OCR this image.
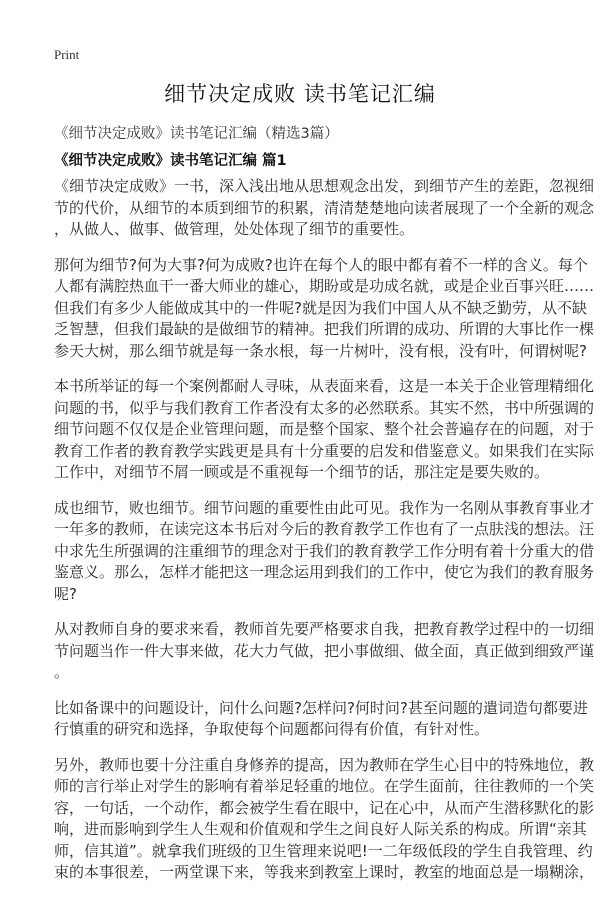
Print
细节决定成败 读书笔记汇编
《细节决定成败》读书笔记汇编（精选3篇）
《细节决定成败》读书笔记汇编 篇1
《细节决定成败》一书，深入浅出地从思想观念出发，到细节产生的差距，忽视细
节的代价，从细节的本质到细节的积累，清清楚楚地向读者展现了一个全新的观念
，从做人、做事、做管理，处处体现了细节的重要性。
那何为细节?何为大事?何为成败?也许在每个人的眼中都有着不一样的含义。每个
人都有满腔热血干一番大师业的雄心，期盼或是功成名就，或是企业百事兴旺……
但我们有多少人能做成其中的一件呢?就是因为我们中国人从不缺乏勤劳，从不缺
乏智慧，但我们最缺的是做细节的精神。把我们所谓的成功、所谓的大事比作一棵
参天大树，那么细节就是每一条水根，每一片树叶，没有根，没有叶，何谓树呢?
本书所举证的每一个案例都耐人寻味，从表面来看，这是一本关于企业管理精细化
问题的书，似乎与我们教育工作者没有太多的必然联系。其实不然，书中所强调的
细节问题不仅仅是企业管理问题，而是整个国家、整个社会普遍存在的问题，对于
教育工作者的教育教学实践更是具有十分重要的启发和借鉴意义。如果我们在实际
工作中，对细节不屑一顾或是不重视每一个细节的话，那注定是要失败的。
成也细节，败也细节。细节问题的重要性由此可见。我作为一名刚从事教育事业才
一年多的教师，在读完这本书后对今后的教育教学工作也有了一点肤浅的想法。汪
中求先生所强调的注重细节的理念对于我们的教育教学工作分明有着十分重大的借
鉴意义。那么，怎样才能把这一理念运用到我们的工作中，使它为我们的教育服务
呢?
从对教师自身的要求来看，教师首先要严格要求自我，把教育教学过程中的一切细
节问题当作一件大事来做，花大力气做，把小事做细、做全面，真正做到细致严谨
。
比如备课中的问题设计，问什么问题?怎样问?何时问?甚至问题的遣词造句都要进
行慎重的研究和选择，争取使每个问题都问得有价值，有针对性。
另外，教师也要十分注重自身修养的提高，因为教师在学生心目中的特殊地位，教
师的言行举止对学生的影响有着举足轻重的地位。在学生面前，往往教师的一个笑
容，一句话，一个动作，都会被学生看在眼中，记在心中，从而产生潜移默化的影
响，进而影响到学生人生观和价值观和学生之间良好人际关系的构成。所谓“亲其
师，信其道”。就拿我们班级的卫生管理来说吧!一二年级低段的学生自我管理、约
束的本事很差，一两堂课下来，等我来到教室上课时，教室的地面总是一塌糊涂，
